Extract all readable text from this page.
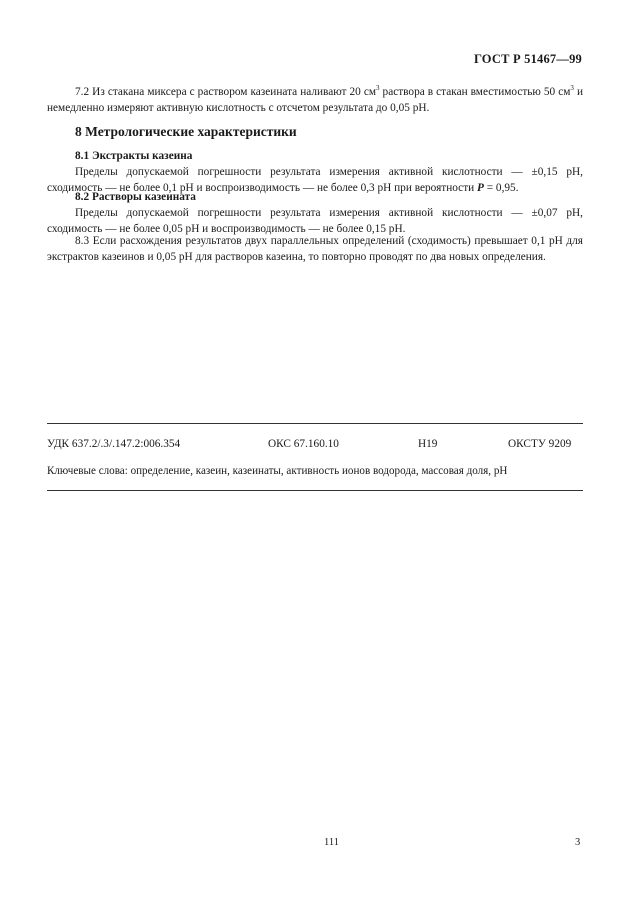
ГОСТ Р 51467—99
7.2 Из стакана миксера с раствором казеината наливают 20 $см^3$ раствора в стакан вместимостью 50 $см^3$ и немедленно измеряют активную кислотность с отсчетом результата до 0,05 pH.
8 Метрологические характеристики
8.1 Экстракты казеина
Пределы допускаемой погрешности результата измерения активной кислотности — ±0,15 pH, сходимость — не более 0,1 pH и воспроизводимость — не более 0,3 pH при вероятности P = 0,95.
8.2 Растворы казеината
Пределы допускаемой погрешности результата измерения активной кислотности — ±0,07 pH, сходимость — не более 0,05 pH и воспроизводимость — не более 0,15 pH.
8.3 Если расхождения результатов двух параллельных определений (сходимость) превышает 0,1 pH для экстрактов казеинов и 0,05 pH для растворов казеина, то повторно проводят по два новых определения.
УДК 637.2/.3/.147.2:006.354	ОКС 67.160.10	Н19	ОКСТУ 9209
Ключевые слова: определение, казеин, казеинаты, активность ионов водорода, массовая доля, pH
111	3
